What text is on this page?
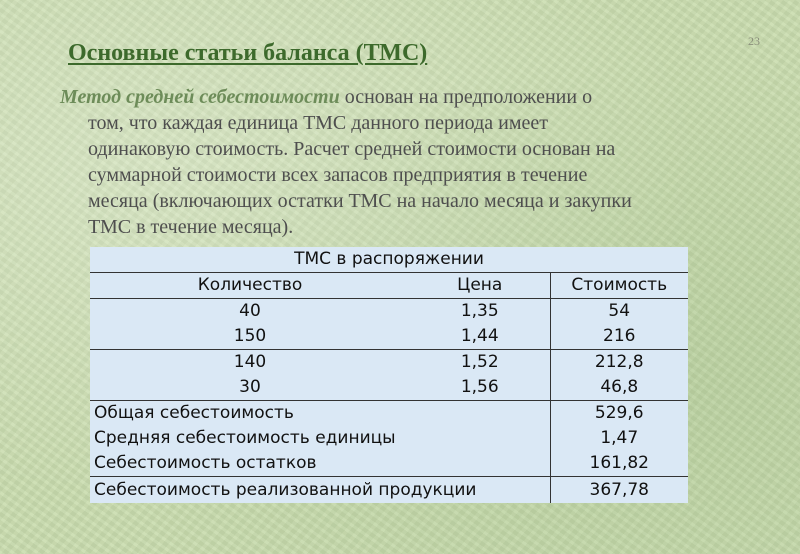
23
Основные статьи баланса (ТМС)
Метод средней себестоимости основан на предположении о
том, что каждая единица ТМС данного периода имеет
одинаковую стоимость. Расчет средней стоимости основан на
суммарной стоимости всех запасов предприятия в течение
месяца (включающих остатки ТМС на начало месяца и закупки
ТМС в течение месяца).
ТМС в распоряжении		
Количество	Цена	Стоимость
40	1,35	54
150	1,44	216
140	1,52	212,8
30	1,56	46,8
Общая себестоимость		529,6
Средняя себестоимость единицы		1,47
Себестоимость остатков		161,82
Себестоимость реализованной продукции		367,78
